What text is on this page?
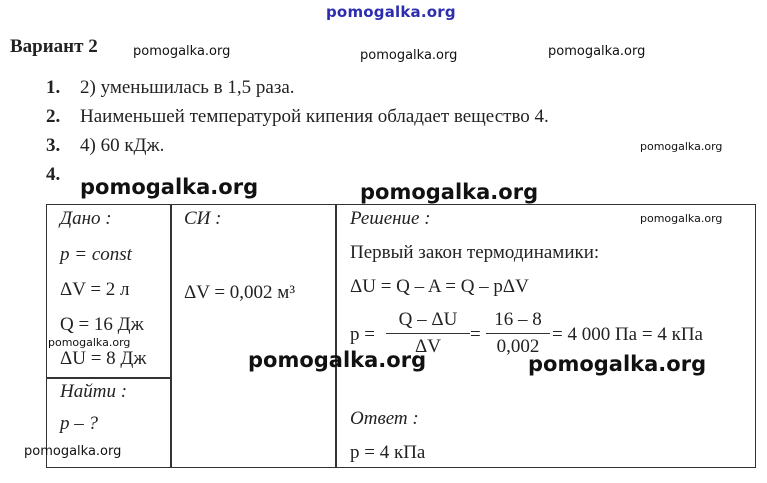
pomogalka.org
Вариант 2	pomogalka.org	pomogalka.org	pomogalka.org
1. 2) уменьшилась в 1,5 раза.
2. Наименьшей температурой кипения обладает вещество 4.
3. 4) 60 кДж.	pomogalka.org
4.
pomogalka.org	pomogalka.org
Дано :
p = const
ΔV = 2 л
Q = 16 Дж
pomogalka.org
ΔU = 8 Дж
Найти :
p – ?
pomogalka.org
СИ :
ΔV = 0,002 м³
Решение :	pomogalka.org
Первый закон термодинамики:
ΔU = Q – A = Q – pΔV
p =
Q – ΔU
ΔV
=
16 – 8
0,002
= 4 000 Па = 4 кПа
Ответ :
p = 4 кПа
pomogalka.org	pomogalka.org
